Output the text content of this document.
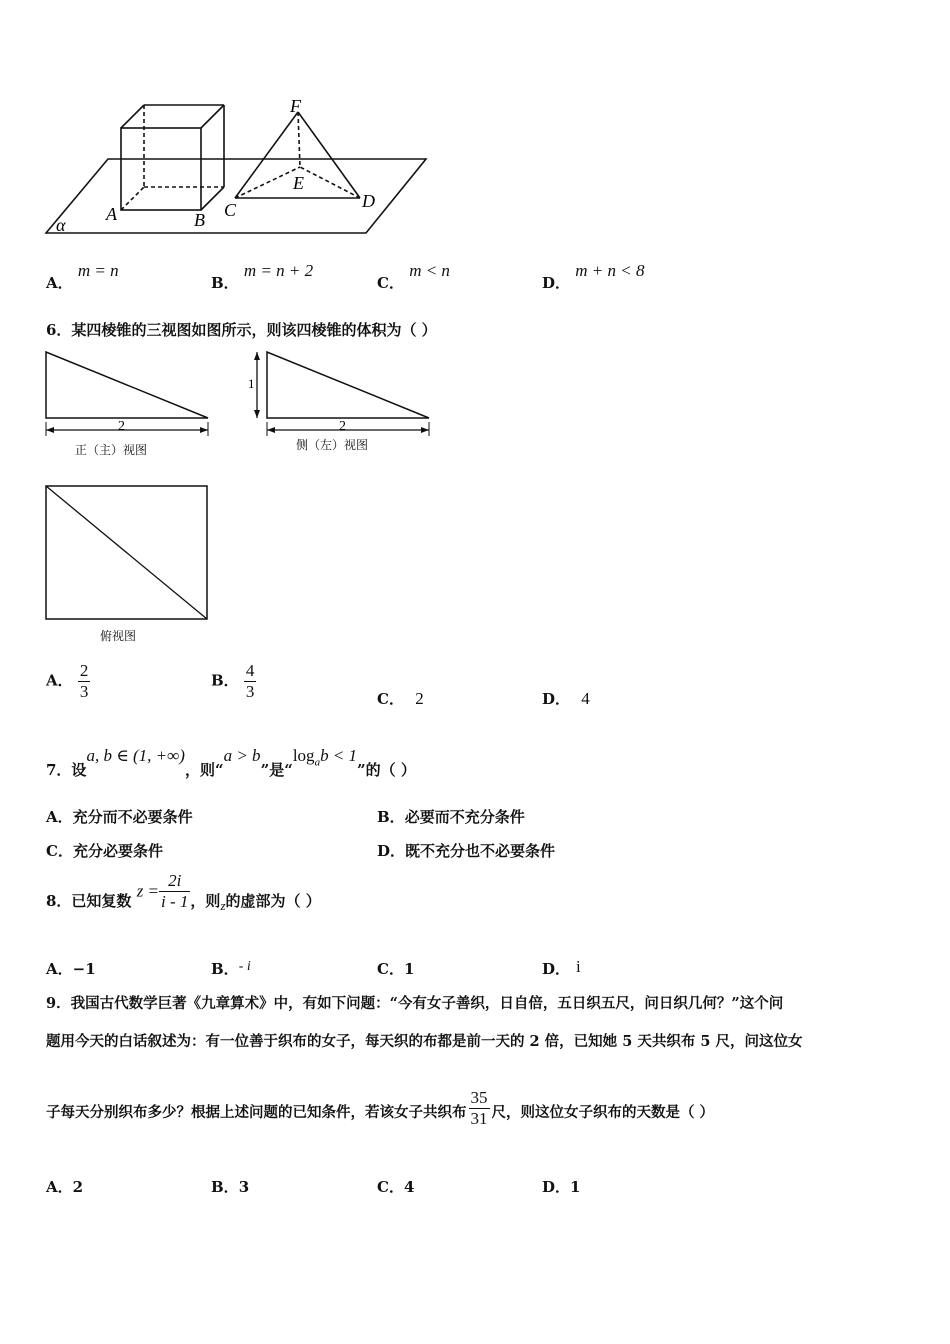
F
E
A	B C	D
α
A． m = n
B． m = n + 2
C． m < n
D． m + n < 8
6．某四棱锥的三视图如图所示，则该四棱锥的体积为（ ）
2
正（主）视图
1
2
侧（左）视图
俯视图
A． $\frac{2}{3}$	B． $\frac{4}{3}$	C． 2	D． 4
7．设a, b ∈ (1, +∞)，则“a > b”是“$\log_ab < 1$”的（ ）
A．充分而不必要条件	B．必要而不充分条件
C．充分必要条件	D．既不充分也不必要条件
8．已知复数 $z = \frac{2i}{i - 1}$ ，则z的虚部为（ ）
A．−1	B．- i	C．1	D． i
9．我国古代数学巨著《九章算术》中，有如下问题：“今有女子善织，日自倍，五日织五尺，问日织几何？”这个问
题用今天的白话叙述为：有一位善于织布的女子，每天织的布都是前一天的 2 倍，已知她 5 天共织布 5 尺，问这位女
子每天分别织布多少？根据上述问题的已知条件，若该女子共织布 $\frac{35}{31}$ 尺，则这位女子织布的天数是（ ）
A．2	B．3	C．4	D．1
